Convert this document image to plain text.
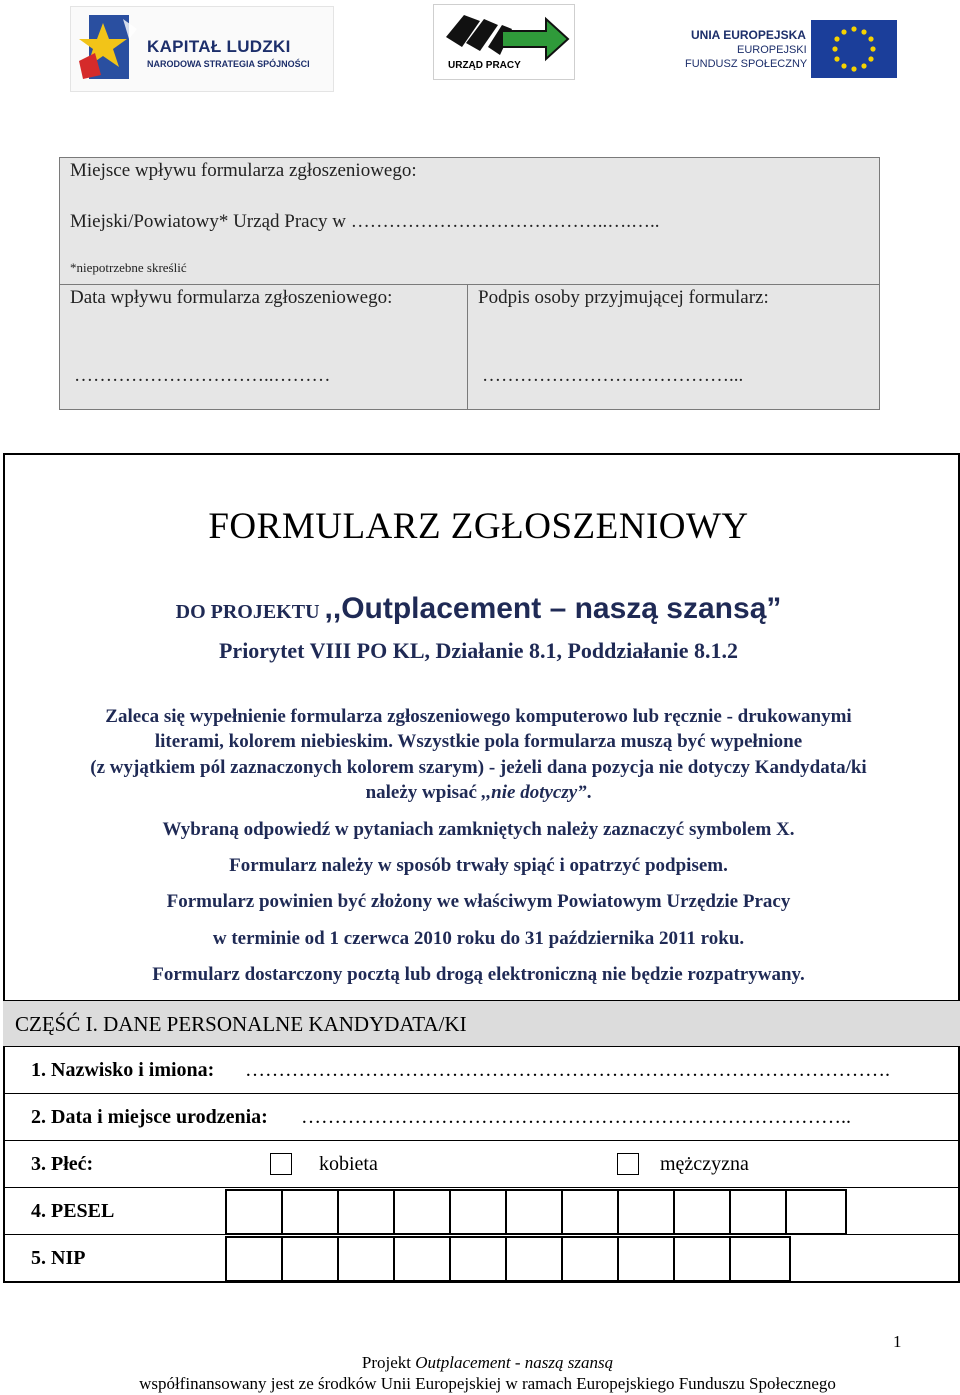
KAPITAŁ LUDZKI
NARODOWA STRATEGIA SPÓJNOŚCI	URZĄD PRACY
UNIA EUROPEJSKA
EUROPEJSKI
FUNDUSZ SPOŁECZNY
Miejsce wpływu formularza zgłoszeniowego:
Miejski/Powiatowy* Urząd Pracy w …………………………………..….…..
*niepotrzebne skreślić
Data wpływu formularza zgłoszeniowego:	Podpis osoby przyjmującej formularz:
…………………………..………	…………………………………...
FORMULARZ ZGŁOSZENIOWY
DO PROJEKTU ,,Outplacement – naszą szansą”
Priorytet VIII PO KL, Działanie 8.1, Poddziałanie 8.1.2
Zaleca się wypełnienie formularza zgłoszeniowego komputerowo lub ręcznie - drukowanymi
literami, kolorem niebieskim. Wszystkie pola formularza muszą być wypełnione
(z wyjątkiem pól zaznaczonych kolorem szarym) - jeżeli dana pozycja nie dotyczy Kandydata/ki
należy wpisać ,,nie dotyczy”.
Wybraną odpowiedź w pytaniach zamkniętych należy zaznaczyć symbolem X.
Formularz należy w sposób trwały spiąć i opatrzyć podpisem.
Formularz powinien być złożony we właściwym Powiatowym Urzędzie Pracy
w terminie od 1 czerwca 2010 roku do 31 października 2011 roku.
Formularz dostarczony pocztą lub drogą elektroniczną nie będzie rozpatrywany.
CZĘŚĆ I. DANE PERSONALNE KANDYDATA/KI
1. Nazwisko i imiona: …………………………………………………………………………………….
2. Data i miejsce urodzenia: ………………………………………………………………………..
3. Płeć:	kobieta	mężczyzna
4. PESEL
5. NIP
1
Projekt Outplacement - naszą szansą
współfinansowany jest ze środków Unii Europejskiej w ramach Europejskiego Funduszu Społecznego
